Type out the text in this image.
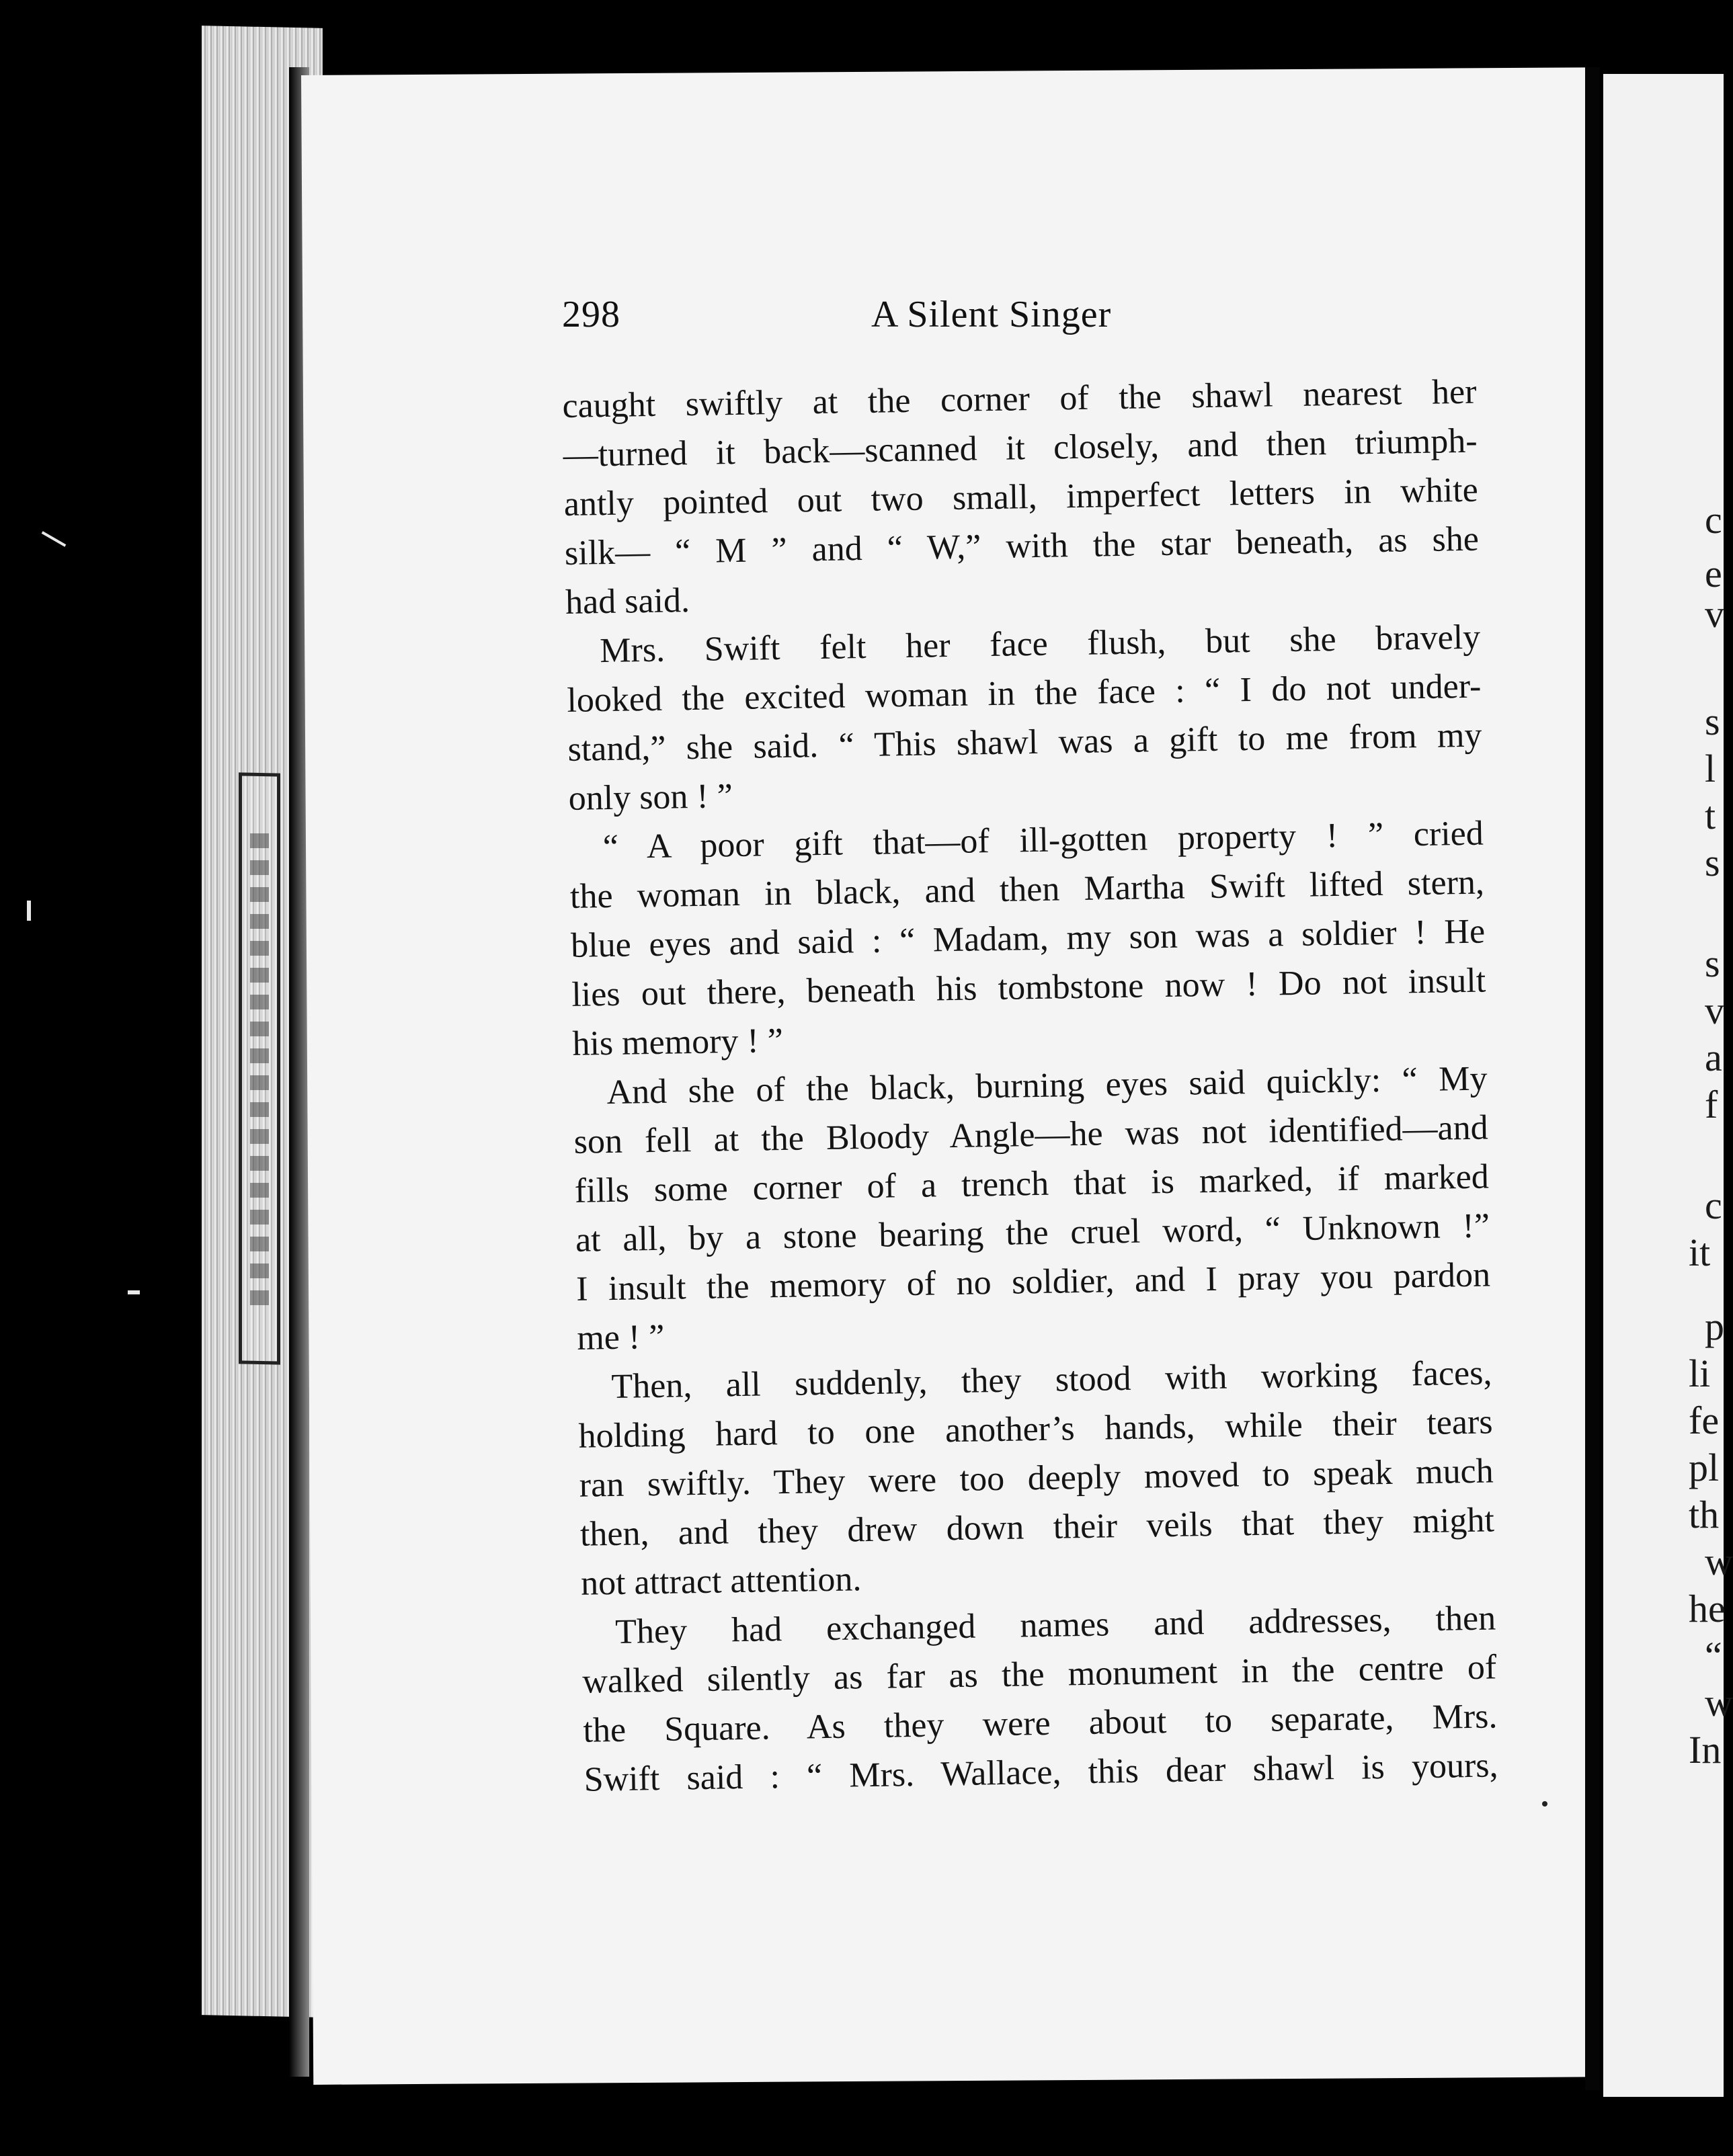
c
e
v
s
l
t
s
s
v
a
f
c
it
p
li
fe
pl
th
w
he
“
w
In
298	A Silent Singer
caught swiftly at the corner of the shawl nearest her
—turned it back—scanned it closely, and then triumph-
antly pointed out two small, imperfect letters in white
silk— “ M ” and “ W,” with the star beneath, as she
had said.
Mrs. Swift felt her face flush, but she bravely
looked the excited woman in the face : “ I do not under-
stand,” she said. “ This shawl was a gift to me from my
only son ! ”
“ A poor gift that—of ill-gotten property ! ” cried
the woman in black, and then Martha Swift lifted stern,
blue eyes and said : “ Madam, my son was a soldier ! He
lies out there, beneath his tombstone now ! Do not insult
his memory ! ”
And she of the black, burning eyes said quickly: “ My
son fell at the Bloody Angle—he was not identified—and
fills some corner of a trench that is marked, if marked
at all, by a stone bearing the cruel word, “ Unknown !”
I insult the memory of no soldier, and I pray you pardon
me ! ”
Then, all suddenly, they stood with working faces,
holding hard to one another’s hands, while their tears
ran swiftly. They were too deeply moved to speak much
then, and they drew down their veils that they might
not attract attention.
They had exchanged names and addresses, then
walked silently as far as the monument in the centre of
the Square. As they were about to separate, Mrs.
Swift said : “ Mrs. Wallace, this dear shawl is yours,
